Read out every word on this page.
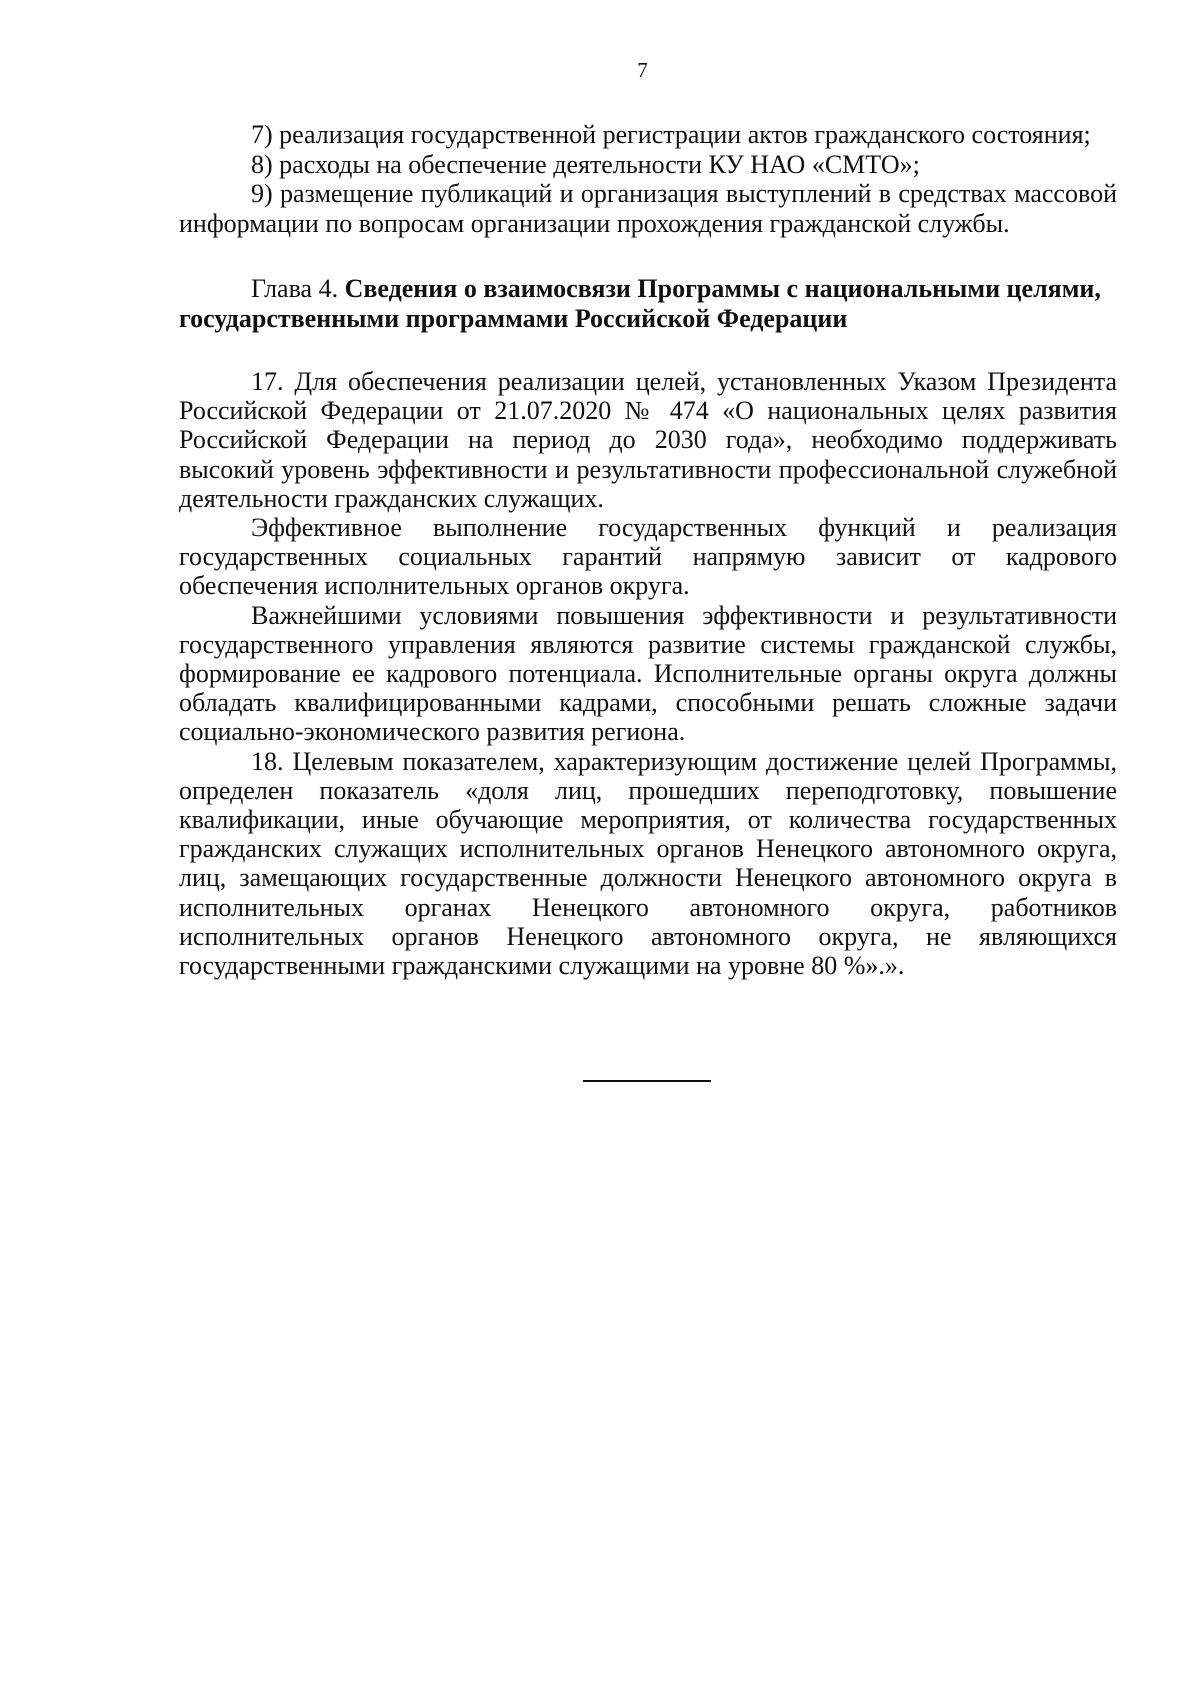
7

7) реализация государственной регистрации актов гражданского состояния;

8) расходы на обеспечение деятельности КУ НАО «СМТО»;

9) размещение публикаций и организация выступлений в средствах массовой информации по вопросам организации прохождения гражданской службы.

Глава 4. Сведения о взаимосвязи Программы с национальными целями, государственными программами Российской Федерации

17. Для обеспечения реализации целей, установленных Указом Президента Российской Федерации от 21.07.2020 № 474 «О национальных целях развития Российской Федерации на период до 2030 года», необходимо поддерживать высокий уровень эффективности и результативности профессиональной служебной деятельности гражданских служащих.

Эффективное выполнение государственных функций и реализация государственных социальных гарантий напрямую зависит от кадрового обеспечения исполнительных органов округа.

Важнейшими условиями повышения эффективности и результативности государственного управления являются развитие системы гражданской службы, формирование ее кадрового потенциала. Исполнительные органы округа должны обладать квалифицированными кадрами, способными решать сложные задачи социально-экономического развития региона.

18. Целевым показателем, характеризующим достижение целей Программы, определен показатель «доля лиц, прошедших переподготовку, повышение квалификации, иные обучающие мероприятия, от количества государственных гражданских служащих исполнительных органов Ненецкого автономного округа, лиц, замещающих государственные должности Ненецкого автономного округа в исполнительных органах Ненецкого автономного округа, работников исполнительных органов Ненецкого автономного округа, не являющихся государственными гражданскими служащими на уровне 80 %».».
